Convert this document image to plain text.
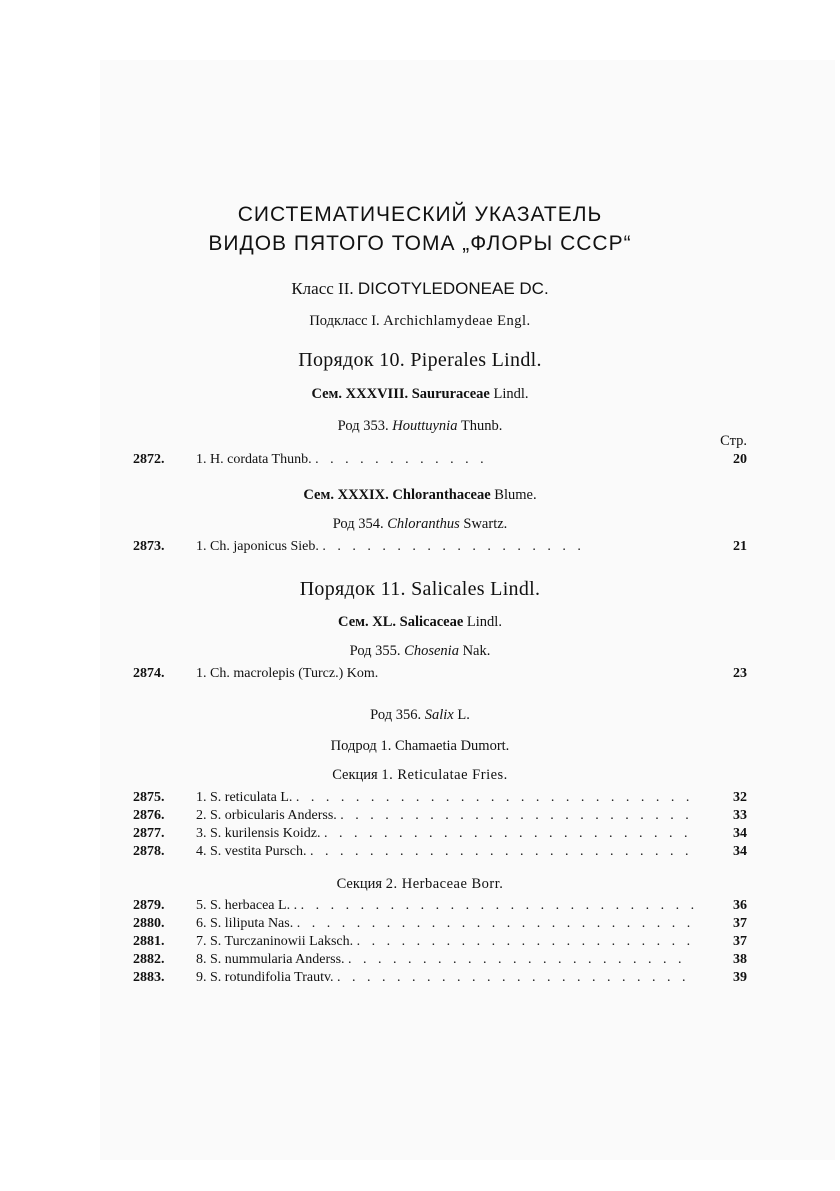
СИСТЕМАТИЧЕСКИЙ УКАЗАТЕЛЬ
ВИДОВ ПЯТОГО ТОМА „ФЛОРЫ СССР“
Класс II. DICOTYLEDONEAE DC.
Подкласс I. Archichlamydeae Engl.
Порядок 10. Piperales Lindl.
Сем. XXXVIII. Saururaceae Lindl.
Род 353. Houttuynia Thunb.
Стр.
2872. 1. H. cordata Thunb. . . . . . . . . . . . .	20
Сем. XXXIX. Chloranthaceae Blume.
Род 354. Chloranthus Swartz.
2873. 1. Ch. japonicus Sieb. . . . . . . . . . . . . . . . . . .	21
Порядок 11. Salicales Lindl.
Сем. XL. Salicaceae Lindl.
Род 355. Chosenia Nak.
2874. 1. Ch. macrolepis (Turcz.) Kom.	23
Род 356. Salix L.
Подрод 1. Chamaetia Dumort.
Секция 1. Reticulatae Fries.
2875. 1. S. reticulata L. . . . . . . . . . . . . . . . . . . . . . . . . . . .	32
2876. 2. S. orbicularis Anderss. . . . . . . . . . . . . . . . . . . . . . . . .	33
2877. 3. S. kurilensis Koidz. . . . . . . . . . . . . . . . . . . . . . . . . .	34
2878. 4. S. vestita Pursch. . . . . . . . . . . . . . . . . . . . . . . . . . .	34
Секция 2. Herbaceae Borr.
2879. 5. S. herbacea L. . . . . . . . . . . . . . . . . . . . . . . . . . . . . 36
2880. 6. S. liliputa Nas. . . . . . . . . . . . . . . . . . . . . . . . . . . .	37
2881. 7. S. Turczaninowii Laksch. . . . . . . . . . . . . . . . . . . . . . . .	37
2882. 8. S. nummularia Anderss. . . . . . . . . . . . . . . . . . . . . . . .	38
2883. 9. S. rotundifolia Trautv. . . . . . . . . . . . . . . . . . . . . . . . .	39
